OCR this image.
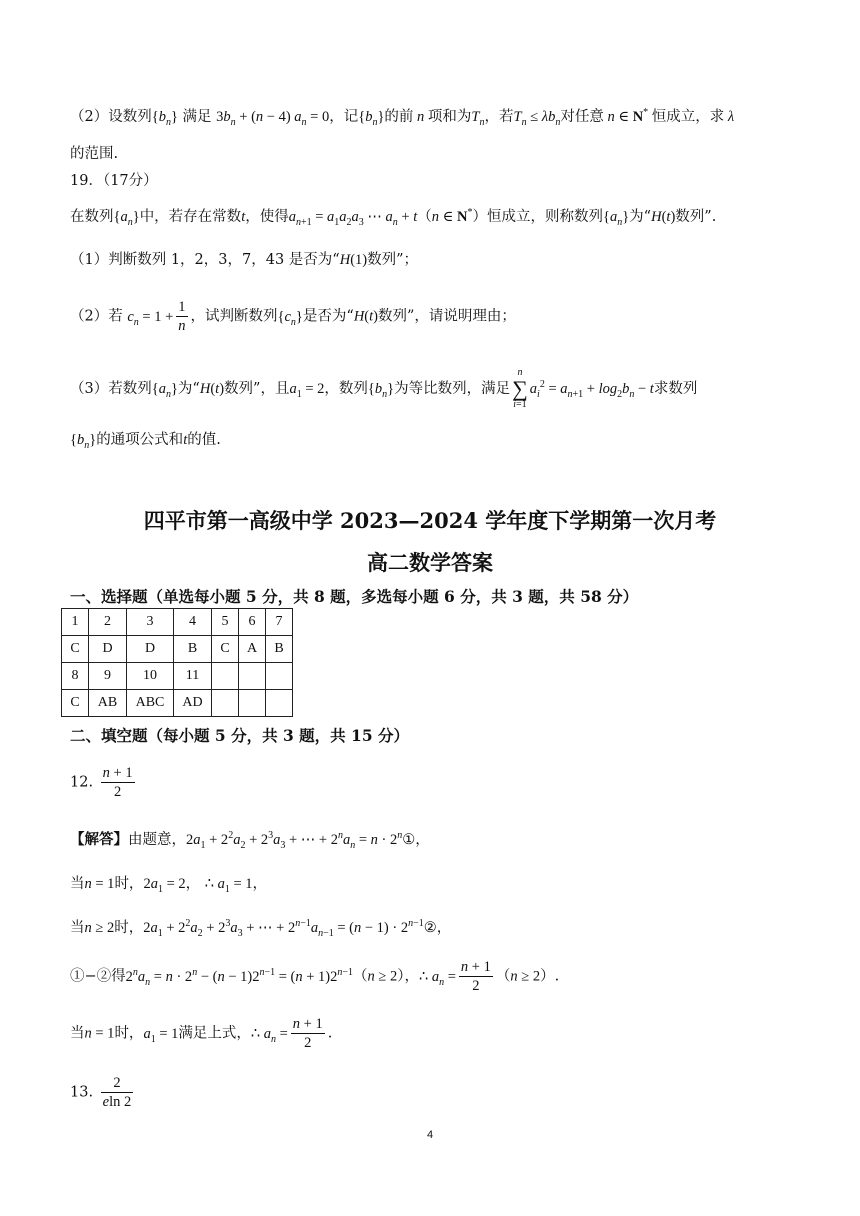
（2）设数列$\{b_n\}$ 满足 $3b_n + (n - 4) a_n = 0$，记$\{b_n\}$的前 n 项和为$T_n$，若$T_n \le \lambda b_n$对任意 n ∈ N* 恒成立，求 λ
的范围.
19．（17分）
在数列$\{a_n\}$中，若存在常数t，使得$a_{n+1} = a_1a_2a_3$ ⋯ $a_n + t(n$ ∈ N*）恒成立，则称数列$\{a_n\}$为“H(t)数列”.
（1）判断数列 1，2，3，7，43 是否为“H(1)数列”；
（2）若 $c_n = 1 + \frac{1}{n}$ ，试判断数列$\{c_n\}$是否为“H(t)数列”，请说明理由；
（3）若数列$\{a_n\}$为“H(t)数列”，且$a_1 = 2$，数列$\{b_n\}$为等比数列，满足n
∑
$i=1a_i^2 = a_{n+1} + \log_2b_n - t$求数列
$\{b_n\}$的通项公式和t的值.
四平市第一高级中学 2023—2024 学年度下学期第一次月考
高二数学答案
一、选择题（单选每小题 5 分，共 8 题，多选每小题 6 分，共 3 题，共 58 分）
1	2	3	4	5	6	7
C	D	D	B	C	A	B
8	9	10	11			
C	AB	ABC	AD			
二、填空题（每小题 5 分，共 3 题，共 15 分）
12. $\frac{n + 1}{2}$
【解答】由题意，$2a_1 + 2^2a_2 + 2^3a_3$ + ⋯ + $2^na_n = n$ · $2^n①$，
当n = 1时，$2a_1 = 2$， ∴ $a_1 = 1$，
当n ≥ 2时，$2a_1 + 2^2a_2 + 2^3a_3$ + ⋯ + $2^{n-1}a_{n-1} = (n - 1)$ · $2^{n-1}②$，
①−②得$2^na_n = n \cdot 2^n - (n - 1)2^{n-1} = (n + 1)2^{n-1}(n \ge 2)$，∴ $a_n = \frac{n + 1}{2} (n \ge 2)$.
当n = 1时，$a_1 = 1$满足上式，∴ $a_n = \frac{n + 1}{2}$ .
13. $\frac{2}{eln 2}$
4
